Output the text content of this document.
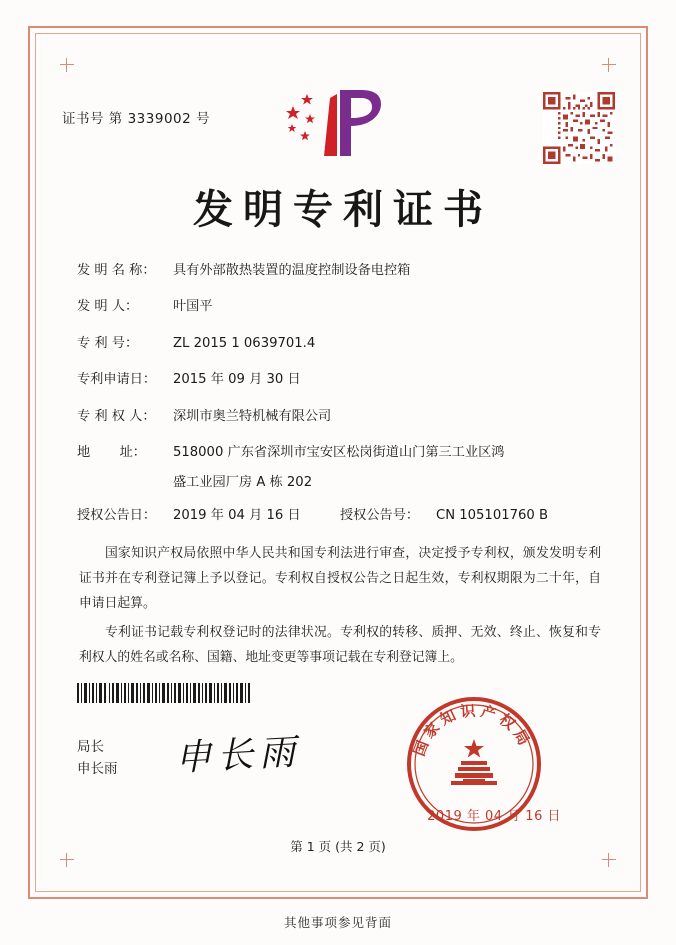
证书号 第 3339002 号
发明专利证书
发 明 名 称：	具有外部散热装置的温度控制设备电控箱
发 明 人：	叶国平
专 利 号：	ZL 2015 1 0639701.4
专利申请日：	2015 年 09 月 30 日
专 利 权 人：	深圳市奥兰特机械有限公司
地       址：	518000 广东省深圳市宝安区松岗街道山门第三工业区鸿
盛工业园厂房 A 栋 202
授权公告日：	2019 年 04 月 16 日	授权公告号：	CN 105101760 B

国家知识产权局依照中华人民共和国专利法进行审查，决定授予专利权，颁发发明专利证书并在专利登记簿上予以登记。专利权自授权公告之日起生效，专利权期限为二十年，自申请日起算。

专利证书记载专利权登记时的法律状况。专利权的转移、质押、无效、终止、恢复和专利权人的姓名或名称、国籍、地址变更等事项记载在专利登记簿上。

局长
申长雨 申长雨	国家知识产权局
2019 年 04 月 16 日
第 1 页 (共 2 页)
其他事项参见背面
